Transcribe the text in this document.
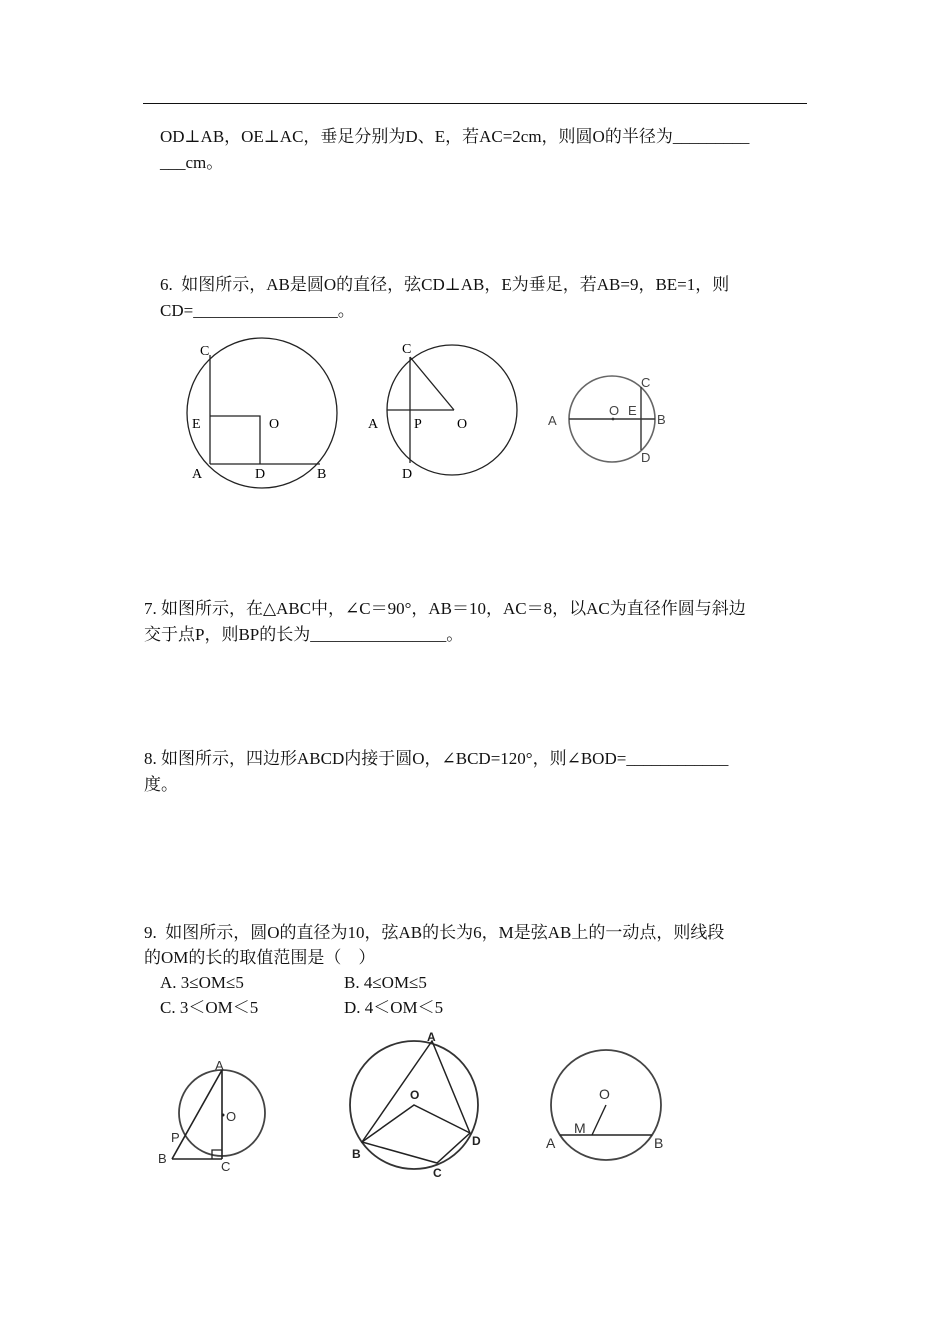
OD⊥AB，OE⊥AC，垂足分别为D、E，若AC=2cm，则圆O的半径为_________
___cm。
6.  如图所示，AB是圆O的直径，弦CD⊥AB，E为垂足，若AB=9，BE=1，则
CD=_________________。
C
E	O
A	D	B
C
A	P	O
D
A
O E
C
B
D
7. 如图所示，在△ABC中，∠C＝90°，AB＝10，AC＝8，以AC为直径作圆与斜边
交于点P，则BP的长为________________。
8. 如图所示，四边形ABCD内接于圆O，∠BCD=120°，则∠BOD=____________
度。
9.  如图所示，圆O的直径为10，弦AB的长为6，M是弦AB上的一动点，则线段
的OM的长的取值范围是（    ）
A. 3≤OM≤5	B. 4≤OM≤5
C. 3＜OM＜5	D. 4＜OM＜5
A
O
P
B
C
A
O
B
D
C
O
M
A	B
